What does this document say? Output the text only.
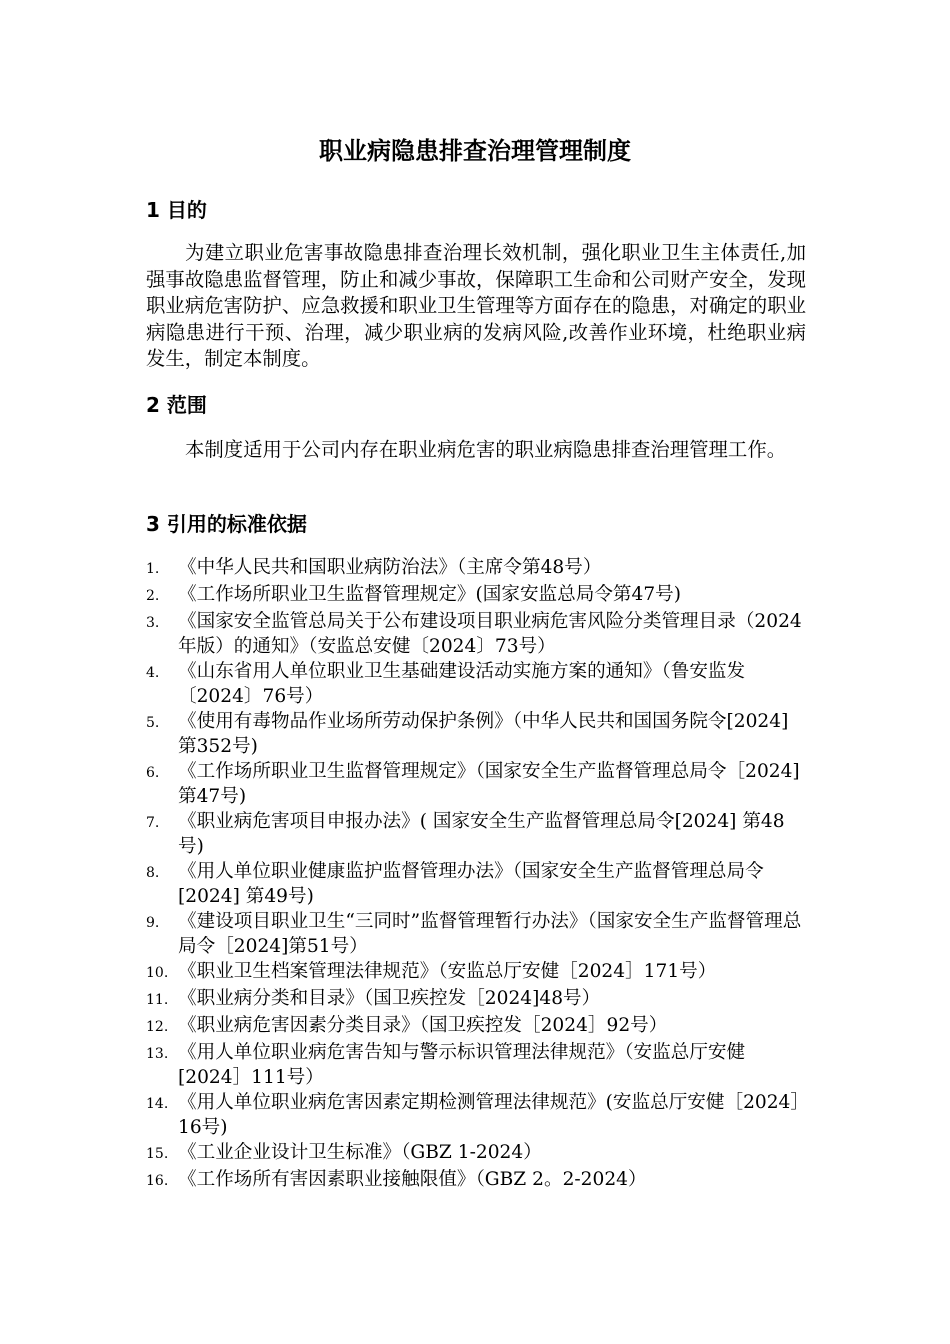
职业病隐患排查治理管理制度
1 目的

为建立职业危害事故隐患排查治理长效机制，强化职业卫生主体责任,加强事故隐患监督管理，防止和减少事故，保障职工生命和公司财产安全，发现职业病危害防护、应急救援和职业卫生管理等方面存在的隐患，对确定的职业病隐患进行干预、治理，减少职业病的发病风险,改善作业环境，杜绝职业病发生，制定本制度。

2 范围

本制度适用于公司内存在职业病危害的职业病隐患排查治理管理工作。

3 引用的标准依据
1.	《中华人民共和国职业病防治法》（主席令第48号）
2.	《工作场所职业卫生监督管理规定》(国家安监总局令第47号)
3.	《国家安全监管总局关于公布建设项目职业病危害风险分类管理目录（2024年版）的通知》（安监总安健〔2024〕73号）
4.	《山东省用人单位职业卫生基础建设活动实施方案的通知》（鲁安监发〔2024〕76号）
5.	《使用有毒物品作业场所劳动保护条例》（中华人民共和国国务院令[2024]第352号)
6.	《工作场所职业卫生监督管理规定》（国家安全生产监督管理总局令［2024]第47号)
7.	《职业病危害项目申报办法》( 国家安全生产监督管理总局令[2024] 第48号)
8.	《用人单位职业健康监护监督管理办法》（国家安全生产监督管理总局令[2024] 第49号)
9.	《建设项目职业卫生“三同时”监督管理暂行办法》（国家安全生产监督管理总局令［2024]第51号）
10. 《职业卫生档案管理法律规范》（安监总厅安健［2024］171号）
11. 《职业病分类和目录》（国卫疾控发［2024]48号）
12. 《职业病危害因素分类目录》（国卫疾控发［2024］92号）
13. 《用人单位职业病危害告知与警示标识管理法律规范》（安监总厅安健[2024］111号）
14. 《用人单位职业病危害因素定期检测管理法律规范》(安监总厅安健［2024］16号)
15. 《工业企业设计卫生标准》（GBZ 1-2024）
16. 《工作场所有害因素职业接触限值》（GBZ 2。2-2024）
